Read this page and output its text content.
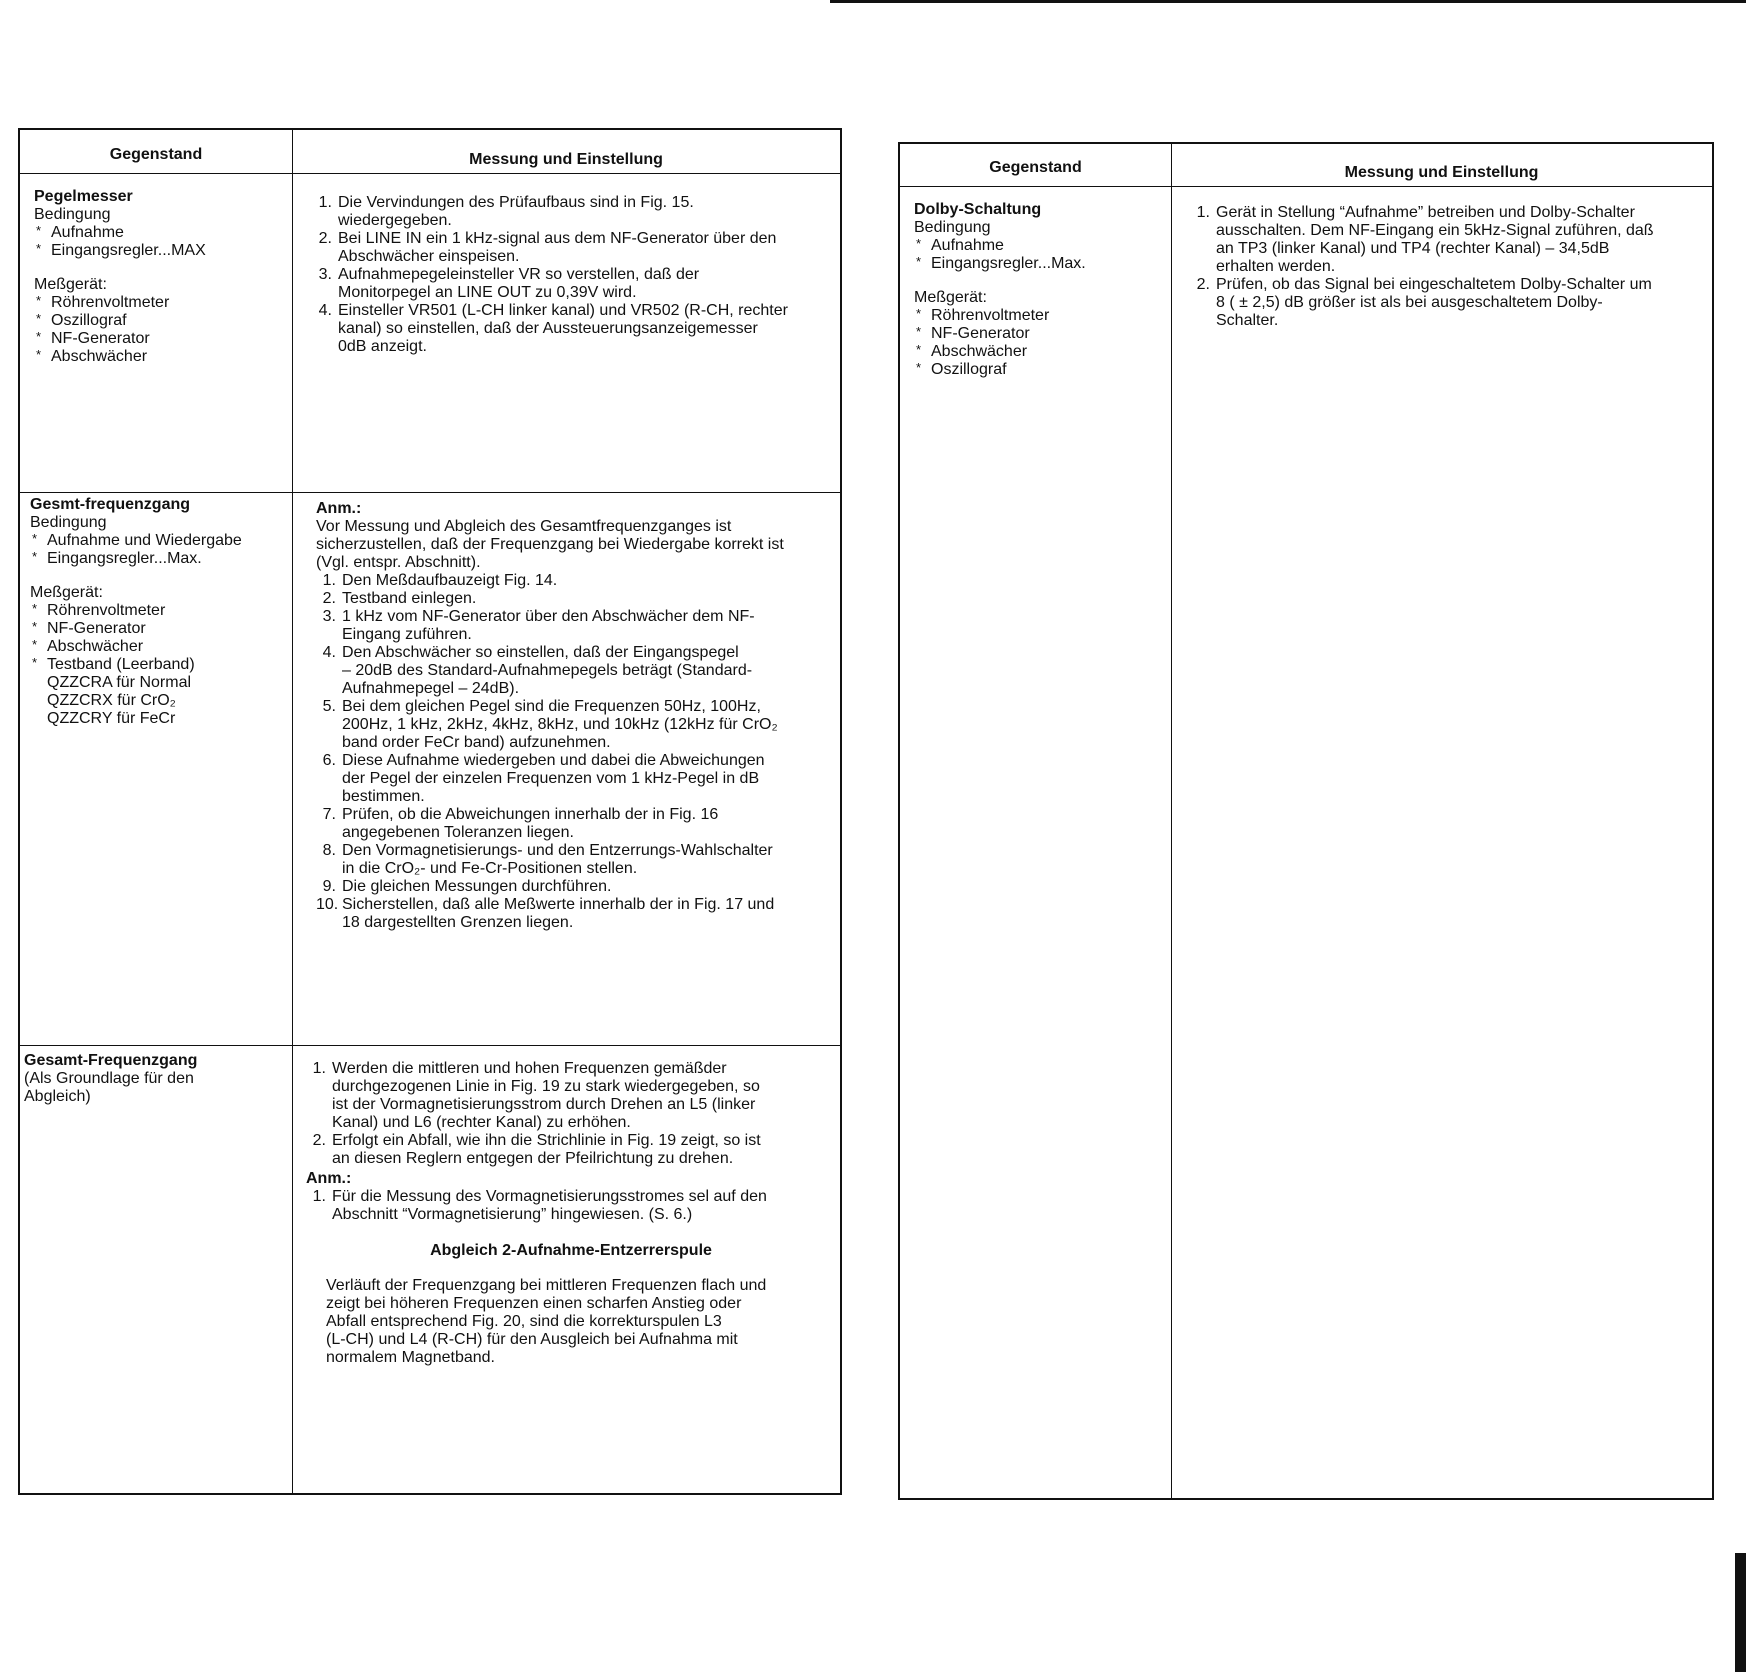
Gegenstand	Messung und Einstellung
Pegelmesser
Bedingung
* Aufnahme
* Eingangsregler...MAX
Meßgerät:
* Röhrenvoltmeter
* Oszillograf
* NF-Generator
* Abschwächer
1. Die Vervindungen des Prüfaufbaus sind in Fig. 15.
wiedergegeben.
2. Bei LINE IN ein 1 kHz-signal aus dem NF-Generator über den
Abschwächer einspeisen.
3. Aufnahmepegeleinsteller VR so verstellen, daß der
Monitorpegel an LINE OUT zu 0,39V wird.
4. Einsteller VR501 (L-CH linker kanal) und VR502 (R-CH, rechter
kanal) so einstellen, daß der Aussteuerungsanzeigemesser
0dB anzeigt.
Gesmt-frequenzgang
Bedingung
* Aufnahme und Wiedergabe
* Eingangsregler...Max.
Meßgerät:
* Röhrenvoltmeter
* NF-Generator
* Abschwächer
* Testband (Leerband)
QZZCRA für Normal
QZZCRX für CrO₂
QZZCRY für FeCr
Anm.:
Vor Messung und Abgleich des Gesamtfrequenzganges ist
sicherzustellen, daß der Frequenzgang bei Wiedergabe korrekt ist
(Vgl. entspr. Abschnitt).
1. Den Meßdaufbauzeigt Fig. 14.
2. Testband einlegen.
3. 1 kHz vom NF-Generator über den Abschwächer dem NF-
Eingang zuführen.
4. Den Abschwächer so einstellen, daß der Eingangspegel
– 20dB des Standard-Aufnahmepegels beträgt (Standard-
Aufnahmepegel – 24dB).
5. Bei dem gleichen Pegel sind die Frequenzen 50Hz, 100Hz,
200Hz, 1 kHz, 2kHz, 4kHz, 8kHz, und 10kHz (12kHz für CrO₂
band order FeCr band) aufzunehmen.
6. Diese Aufnahme wiedergeben und dabei die Abweichungen
der Pegel der einzelen Frequenzen vom 1 kHz-Pegel in dB
bestimmen.
7. Prüfen, ob die Abweichungen innerhalb der in Fig. 16
angegebenen Toleranzen liegen.
8. Den Vormagnetisierungs- und den Entzerrungs-Wahlschalter
in die CrO₂- und Fe-Cr-Positionen stellen.
9. Die gleichen Messungen durchführen.
10. Sicherstellen, daß alle Meßwerte innerhalb der in Fig. 17 und
18 dargestellten Grenzen liegen.
Gesamt-Frequenzgang
(Als Groundlage für den
Abgleich)
1. Werden die mittleren und hohen Frequenzen gemäßder
durchgezogenen Linie in Fig. 19 zu stark wiedergegeben, so
ist der Vormagnetisierungsstrom durch Drehen an L5 (linker
Kanal) und L6 (rechter Kanal) zu erhöhen.
2. Erfolgt ein Abfall, wie ihn die Strichlinie in Fig. 19 zeigt, so ist
an diesen Reglern entgegen der Pfeilrichtung zu drehen.
Anm.:
1. Für die Messung des Vormagnetisierungsstromes sel auf den
Abschnitt “Vormagnetisierung” hingewiesen. (S. 6.)
Abgleich 2-Aufnahme-Entzerrerspule
Verläuft der Frequenzgang bei mittleren Frequenzen flach und
zeigt bei höheren Frequenzen einen scharfen Anstieg oder
Abfall entsprechend Fig. 20, sind die korrekturspulen L3
(L-CH) und L4 (R-CH) für den Ausgleich bei Aufnahma mit
normalem Magnetband.
Gegenstand	Messung und Einstellung
Dolby-Schaltung
Bedingung
* Aufnahme
* Eingangsregler...Max.
Meßgerät:
* Röhrenvoltmeter
* NF-Generator
* Abschwächer
* Oszillograf
1. Gerät in Stellung “Aufnahme” betreiben und Dolby-Schalter
ausschalten. Dem NF-Eingang ein 5kHz-Signal zuführen, daß
an TP3 (linker Kanal) und TP4 (rechter Kanal) – 34,5dB
erhalten werden.
2. Prüfen, ob das Signal bei eingeschaltetem Dolby-Schalter um
8 ( ± 2,5) dB größer ist als bei ausgeschaltetem Dolby-
Schalter.
